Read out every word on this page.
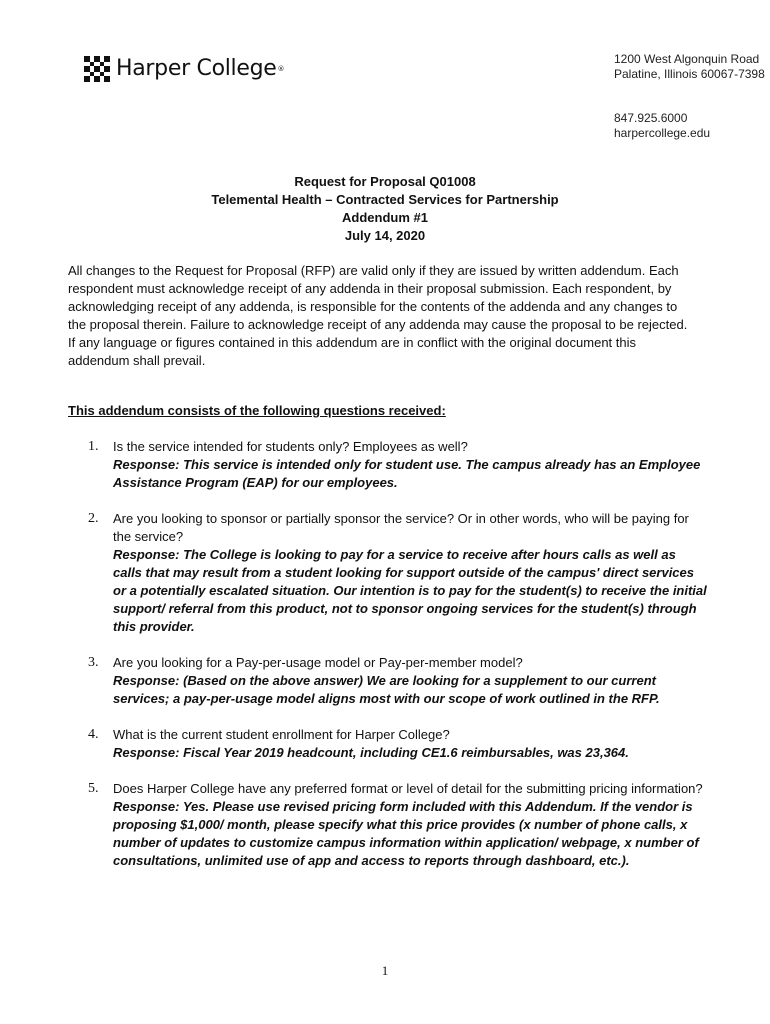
Harper College®
1200 West Algonquin Road
Palatine, Illinois 60067-7398
847.925.6000
harpercollege.edu
Request for Proposal Q01008
Telemental Health – Contracted Services for Partnership
Addendum #1
July 14, 2020
All changes to the Request for Proposal (RFP) are valid only if they are issued by written addendum. Each respondent must acknowledge receipt of any addenda in their proposal submission. Each respondent, by acknowledging receipt of any addenda, is responsible for the contents of the addenda and any changes to the proposal therein. Failure to acknowledge receipt of any addenda may cause the proposal to be rejected. If any language or figures contained in this addendum are in conflict with the original document this addendum shall prevail.
This addendum consists of the following questions received:
1. Is the service intended for students only? Employees as well?
Response: This service is intended only for student use. The campus already has an Employee Assistance Program (EAP) for our employees.
2. Are you looking to sponsor or partially sponsor the service? Or in other words, who will be paying for the service?
Response: The College is looking to pay for a service to receive after hours calls as well as calls that may result from a student looking for support outside of the campus' direct services or a potentially escalated situation. Our intention is to pay for the student(s) to receive the initial support/ referral from this product, not to sponsor ongoing services for the student(s) through this provider.
3. Are you looking for a Pay-per-usage model or Pay-per-member model?
Response: (Based on the above answer) We are looking for a supplement to our current services; a pay-per-usage model aligns most with our scope of work outlined in the RFP.
4. What is the current student enrollment for Harper College?
Response: Fiscal Year 2019 headcount, including CE1.6 reimbursables, was 23,364.
5. Does Harper College have any preferred format or level of detail for the submitting pricing information?
Response: Yes. Please use revised pricing form included with this Addendum. If the vendor is proposing $1,000/ month, please specify what this price provides (x number of phone calls, x number of updates to customize campus information within application/ webpage, x number of consultations, unlimited use of app and access to reports through dashboard, etc.).
1
